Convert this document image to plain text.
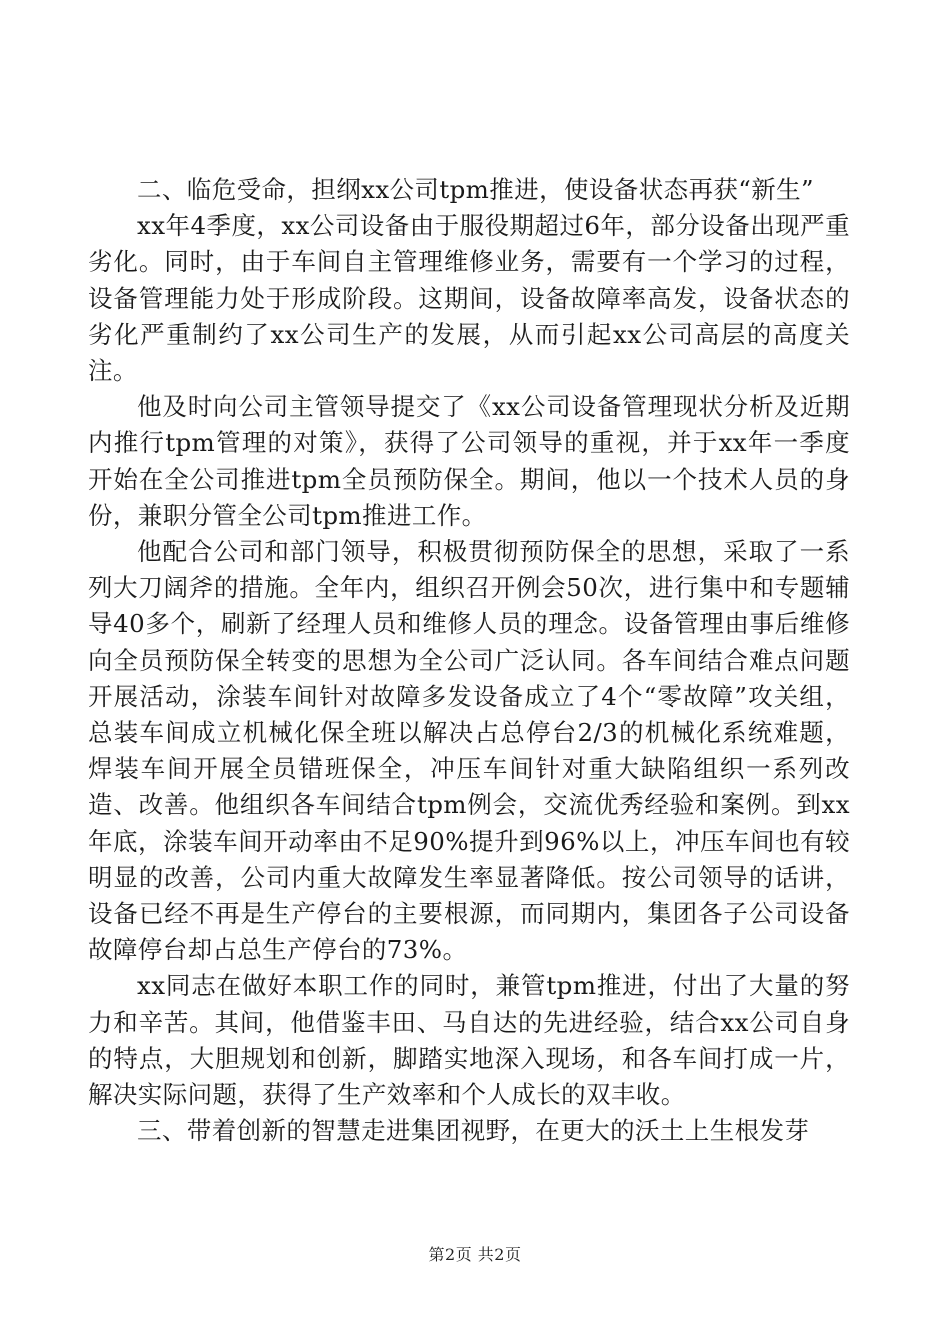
二、临危受命，担纲xx公司tpm推进，使设备状态再获“新生”

xx年4季度，xx公司设备由于服役期超过6年，部分设备出现严重劣化。同时，由于车间自主管理维修业务，需要有一个学习的过程，设备管理能力处于形成阶段。这期间，设备故障率高发，设备状态的劣化严重制约了xx公司生产的发展，从而引起xx公司高层的高度关注。

他及时向公司主管领导提交了《xx公司设备管理现状分析及近期内推行tpm管理的对策》，获得了公司领导的重视，并于xx年一季度开始在全公司推进tpm全员预防保全。期间，他以一个技术人员的身份，兼职分管全公司tpm推进工作。

他配合公司和部门领导，积极贯彻预防保全的思想，采取了一系列大刀阔斧的措施。全年内，组织召开例会50次，进行集中和专题辅导40多个，刷新了经理人员和维修人员的理念。设备管理由事后维修向全员预防保全转变的思想为全公司广泛认同。各车间结合难点问题开展活动，涂装车间针对故障多发设备成立了4个“零故障”攻关组，总装车间成立机械化保全班以解决占总停台2/3的机械化系统难题，焊装车间开展全员错班保全，冲压车间针对重大缺陷组织一系列改造、改善。他组织各车间结合tpm例会，交流优秀经验和案例。到xx年底，涂装车间开动率由不足90%提升到96%以上，冲压车间也有较明显的改善，公司内重大故障发生率显著降低。按公司领导的话讲，设备已经不再是生产停台的主要根源，而同期内，集团各子公司设备故障停台却占总生产停台的73%。

xx同志在做好本职工作的同时，兼管tpm推进，付出了大量的努力和辛苦。其间，他借鉴丰田、马自达的先进经验，结合xx公司自身的特点，大胆规划和创新，脚踏实地深入现场，和各车间打成一片，解决实际问题，获得了生产效率和个人成长的双丰收。

三、带着创新的智慧走进集团视野，在更大的沃土上生根发芽

第2页 共2页
